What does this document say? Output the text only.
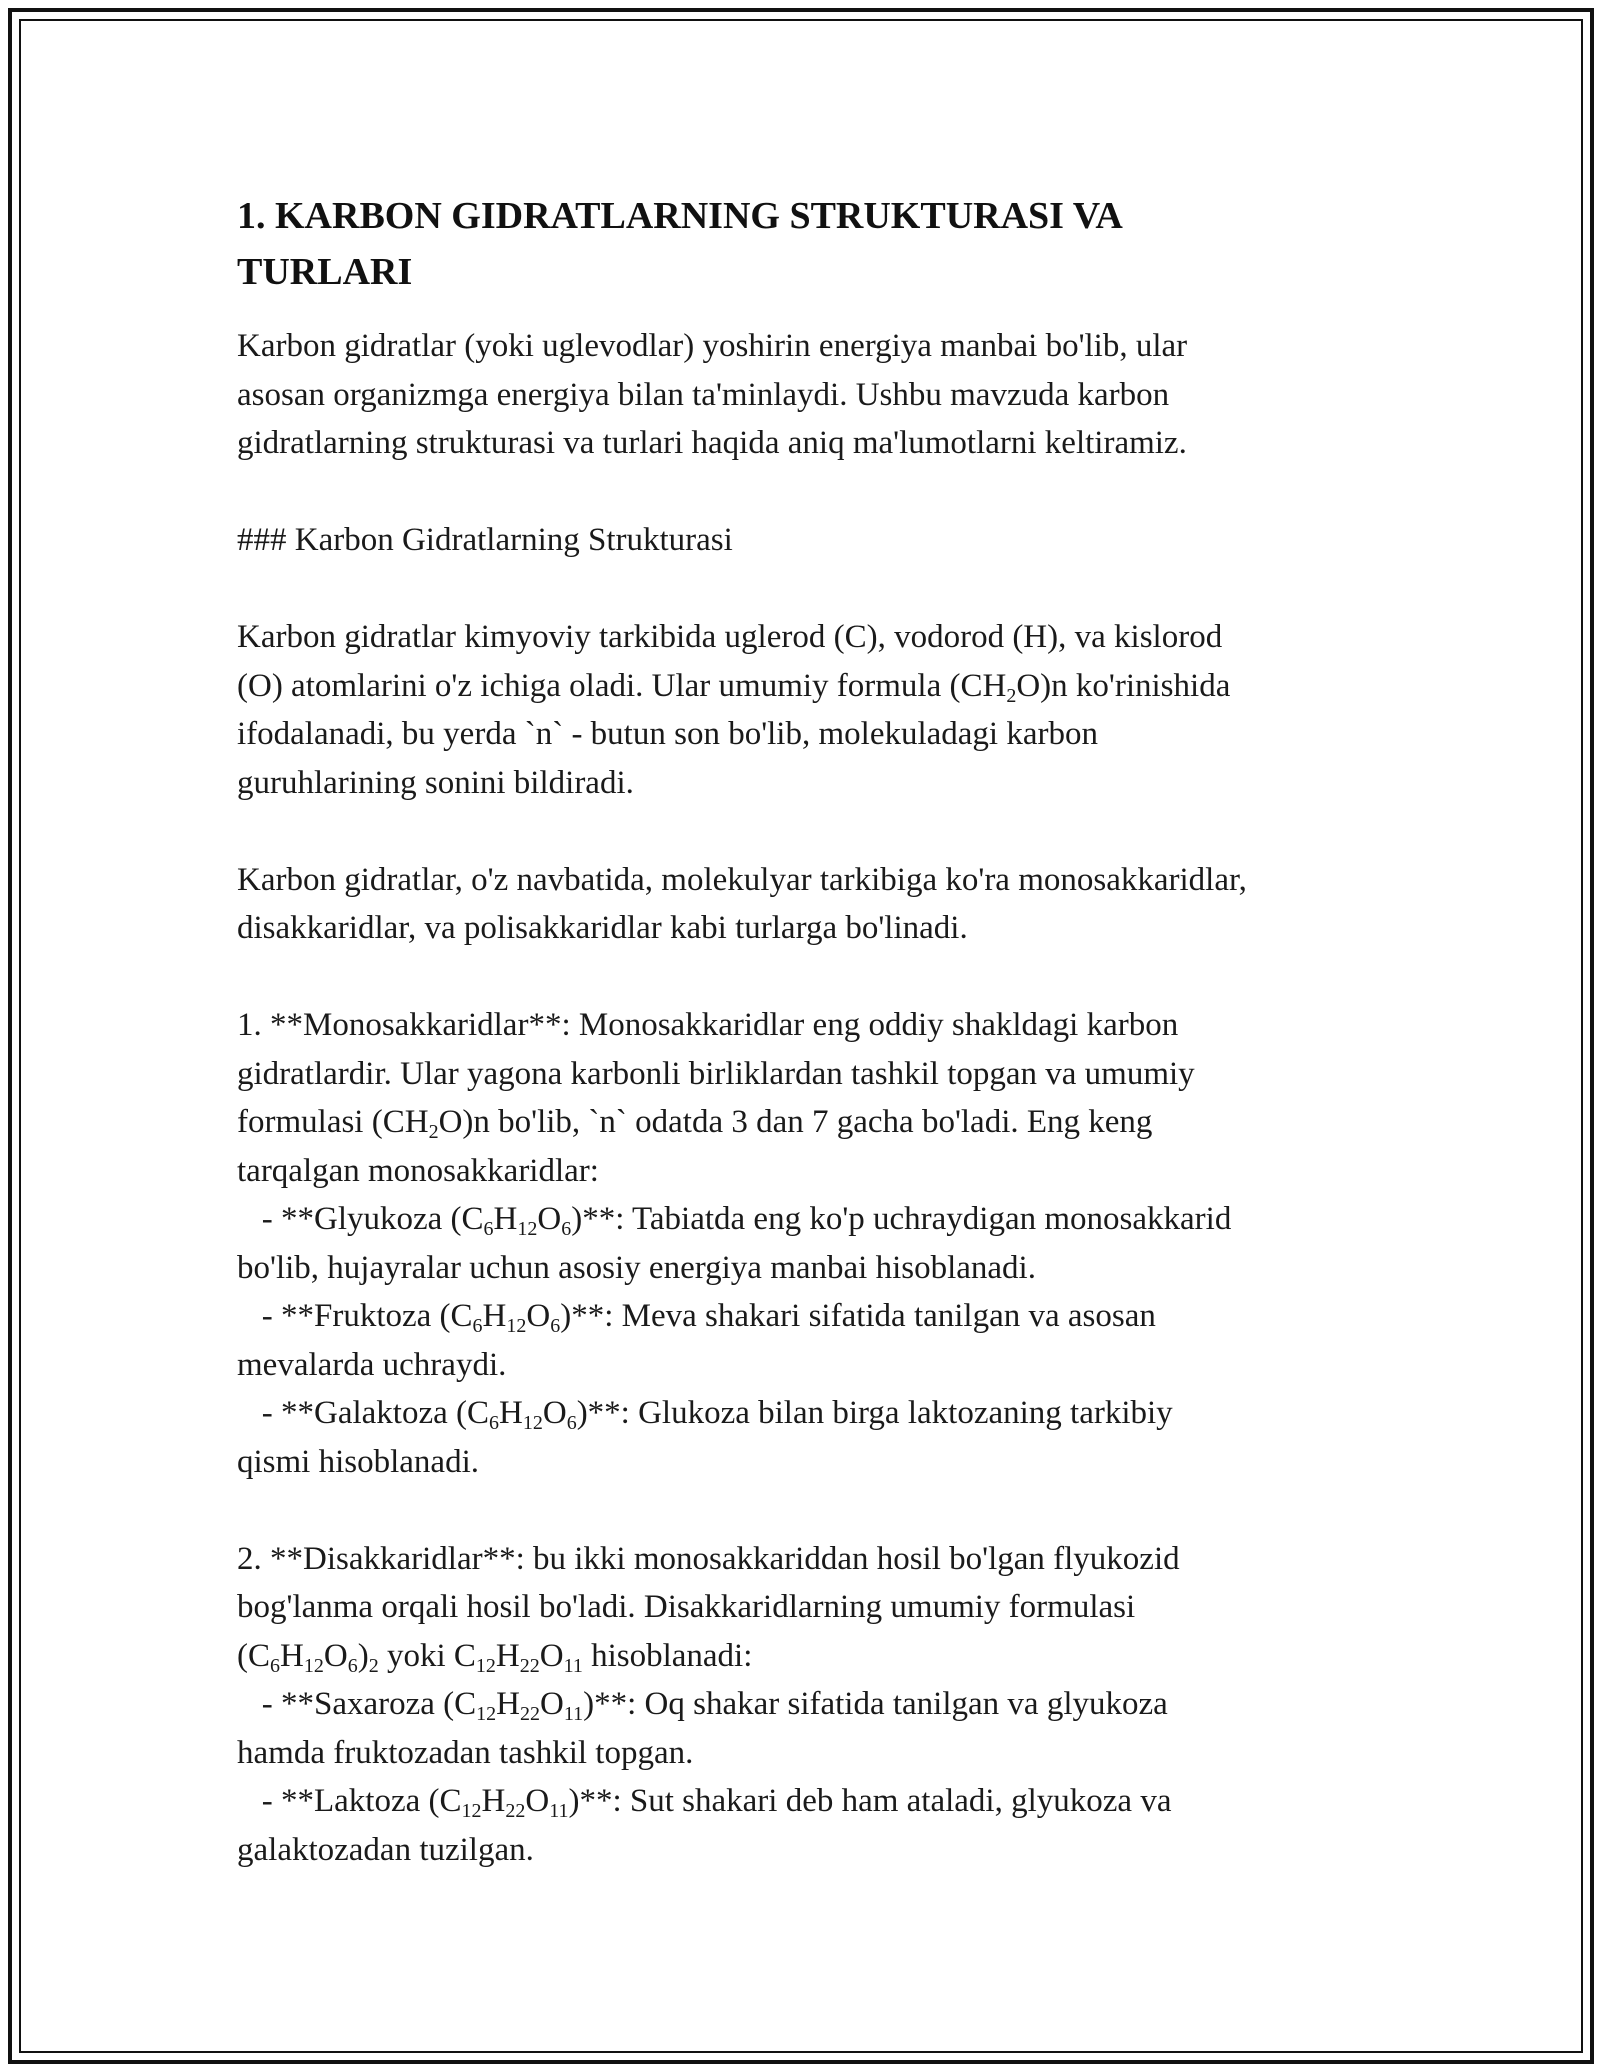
1. KARBON GIDRATLARNING STRUKTURASI VA
TURLARI
Karbon gidratlar (yoki uglevodlar) yoshirin energiya manbai bo'lib, ular
asosan organizmga energiya bilan ta'minlaydi. Ushbu mavzuda karbon
gidratlarning strukturasi va turlari haqida aniq ma'lumotlarni keltiramiz.
### Karbon Gidratlarning Strukturasi
Karbon gidratlar kimyoviy tarkibida uglerod (C), vodorod (H), va kislorod
(O) atomlarini o'z ichiga oladi. Ular umumiy formula $(CH_2O)n$ ko'rinishida
ifodalanadi, bu yerda `n` - butun son bo'lib, molekuladagi karbon
guruhlarining sonini bildiradi.
Karbon gidratlar, o'z navbatida, molekulyar tarkibiga ko'ra monosakkaridlar,
disakkaridlar, va polisakkaridlar kabi turlarga bo'linadi.
1. **Monosakkaridlar**: Monosakkaridlar eng oddiy shakldagi karbon
gidratlardir. Ular yagona karbonli birliklardan tashkil topgan va umumiy
formulasi $(CH_2O)n$ bo'lib, `n` odatda 3 dan 7 gacha bo'ladi. Eng keng
tarqalgan monosakkaridlar:
- **Glyukoza $(C_6H_{12}O_6)**$: Tabiatda eng ko'p uchraydigan monosakkarid
bo'lib, hujayralar uchun asosiy energiya manbai hisoblanadi.
- **Fruktoza $(C_6H_{12}O_6)**$: Meva shakari sifatida tanilgan va asosan
mevalarda uchraydi.
- **Galaktoza $(C_6H_{12}O_6)**$: Glukoza bilan birga laktozaning tarkibiy
qismi hisoblanadi.
2. **Disakkaridlar**: bu ikki monosakkariddan hosil bo'lgan flyukozid
bog'lanma orqali hosil bo'ladi. Disakkaridlarning umumiy formulasi
$(C_6H_{12}O_6)_2$ yoki $C_{12}H_{22}O_{11}$ hisoblanadi:
- **Saxaroza $(C_{12}H_{22}O_{11})**$: Oq shakar sifatida tanilgan va glyukoza
hamda fruktozadan tashkil topgan.
- **Laktoza $(C_{12}H_{22}O_{11})**$: Sut shakari deb ham ataladi, glyukoza va
galaktozadan tuzilgan.
